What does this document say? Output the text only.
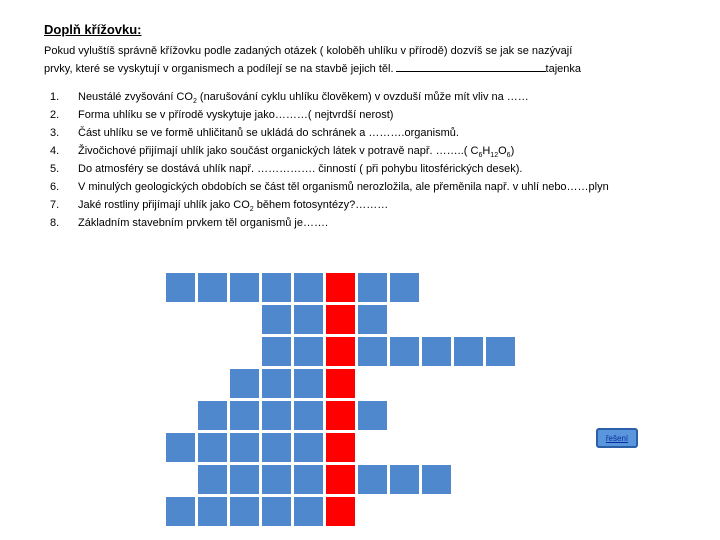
Doplň křížovku:

Pokud vyluštíš správně křížovku podle zadaných otázek ( koloběh uhlíku v přírodě) dozvíš se jak se nazývají
prvky, které se vyskytují v organismech a podílejí se na stavbě jejich těl.	tajenka

1. Neustálé zvyšování $CO_2$ (narušování cyklu uhlíku člověkem) v ovzduší může mít vliv na ……
2. Forma uhlíku se v přírodě vyskytuje jako………( nejtvrdší nerost)
3. Část uhlíku se ve formě uhličitanů se ukládá do schránek a ……….organismů.
4. Živočichové přijímají uhlík jako součást organických látek v potravě např. ……..( $C_6H_{12}O_6$)
5. Do atmosféry se dostává uhlík např. ……………. činností ( při pohybu litosférických desek).
6. V minulých geologických obdobích se část těl organismů nerozložila, ale přeměnila např. v uhlí nebo……plyn
7. Jaké rostliny přijímají uhlík jako $CO_2$ během fotosyntézy?………
8. Základním stavebním prvkem těl organismů je…….
řešení
